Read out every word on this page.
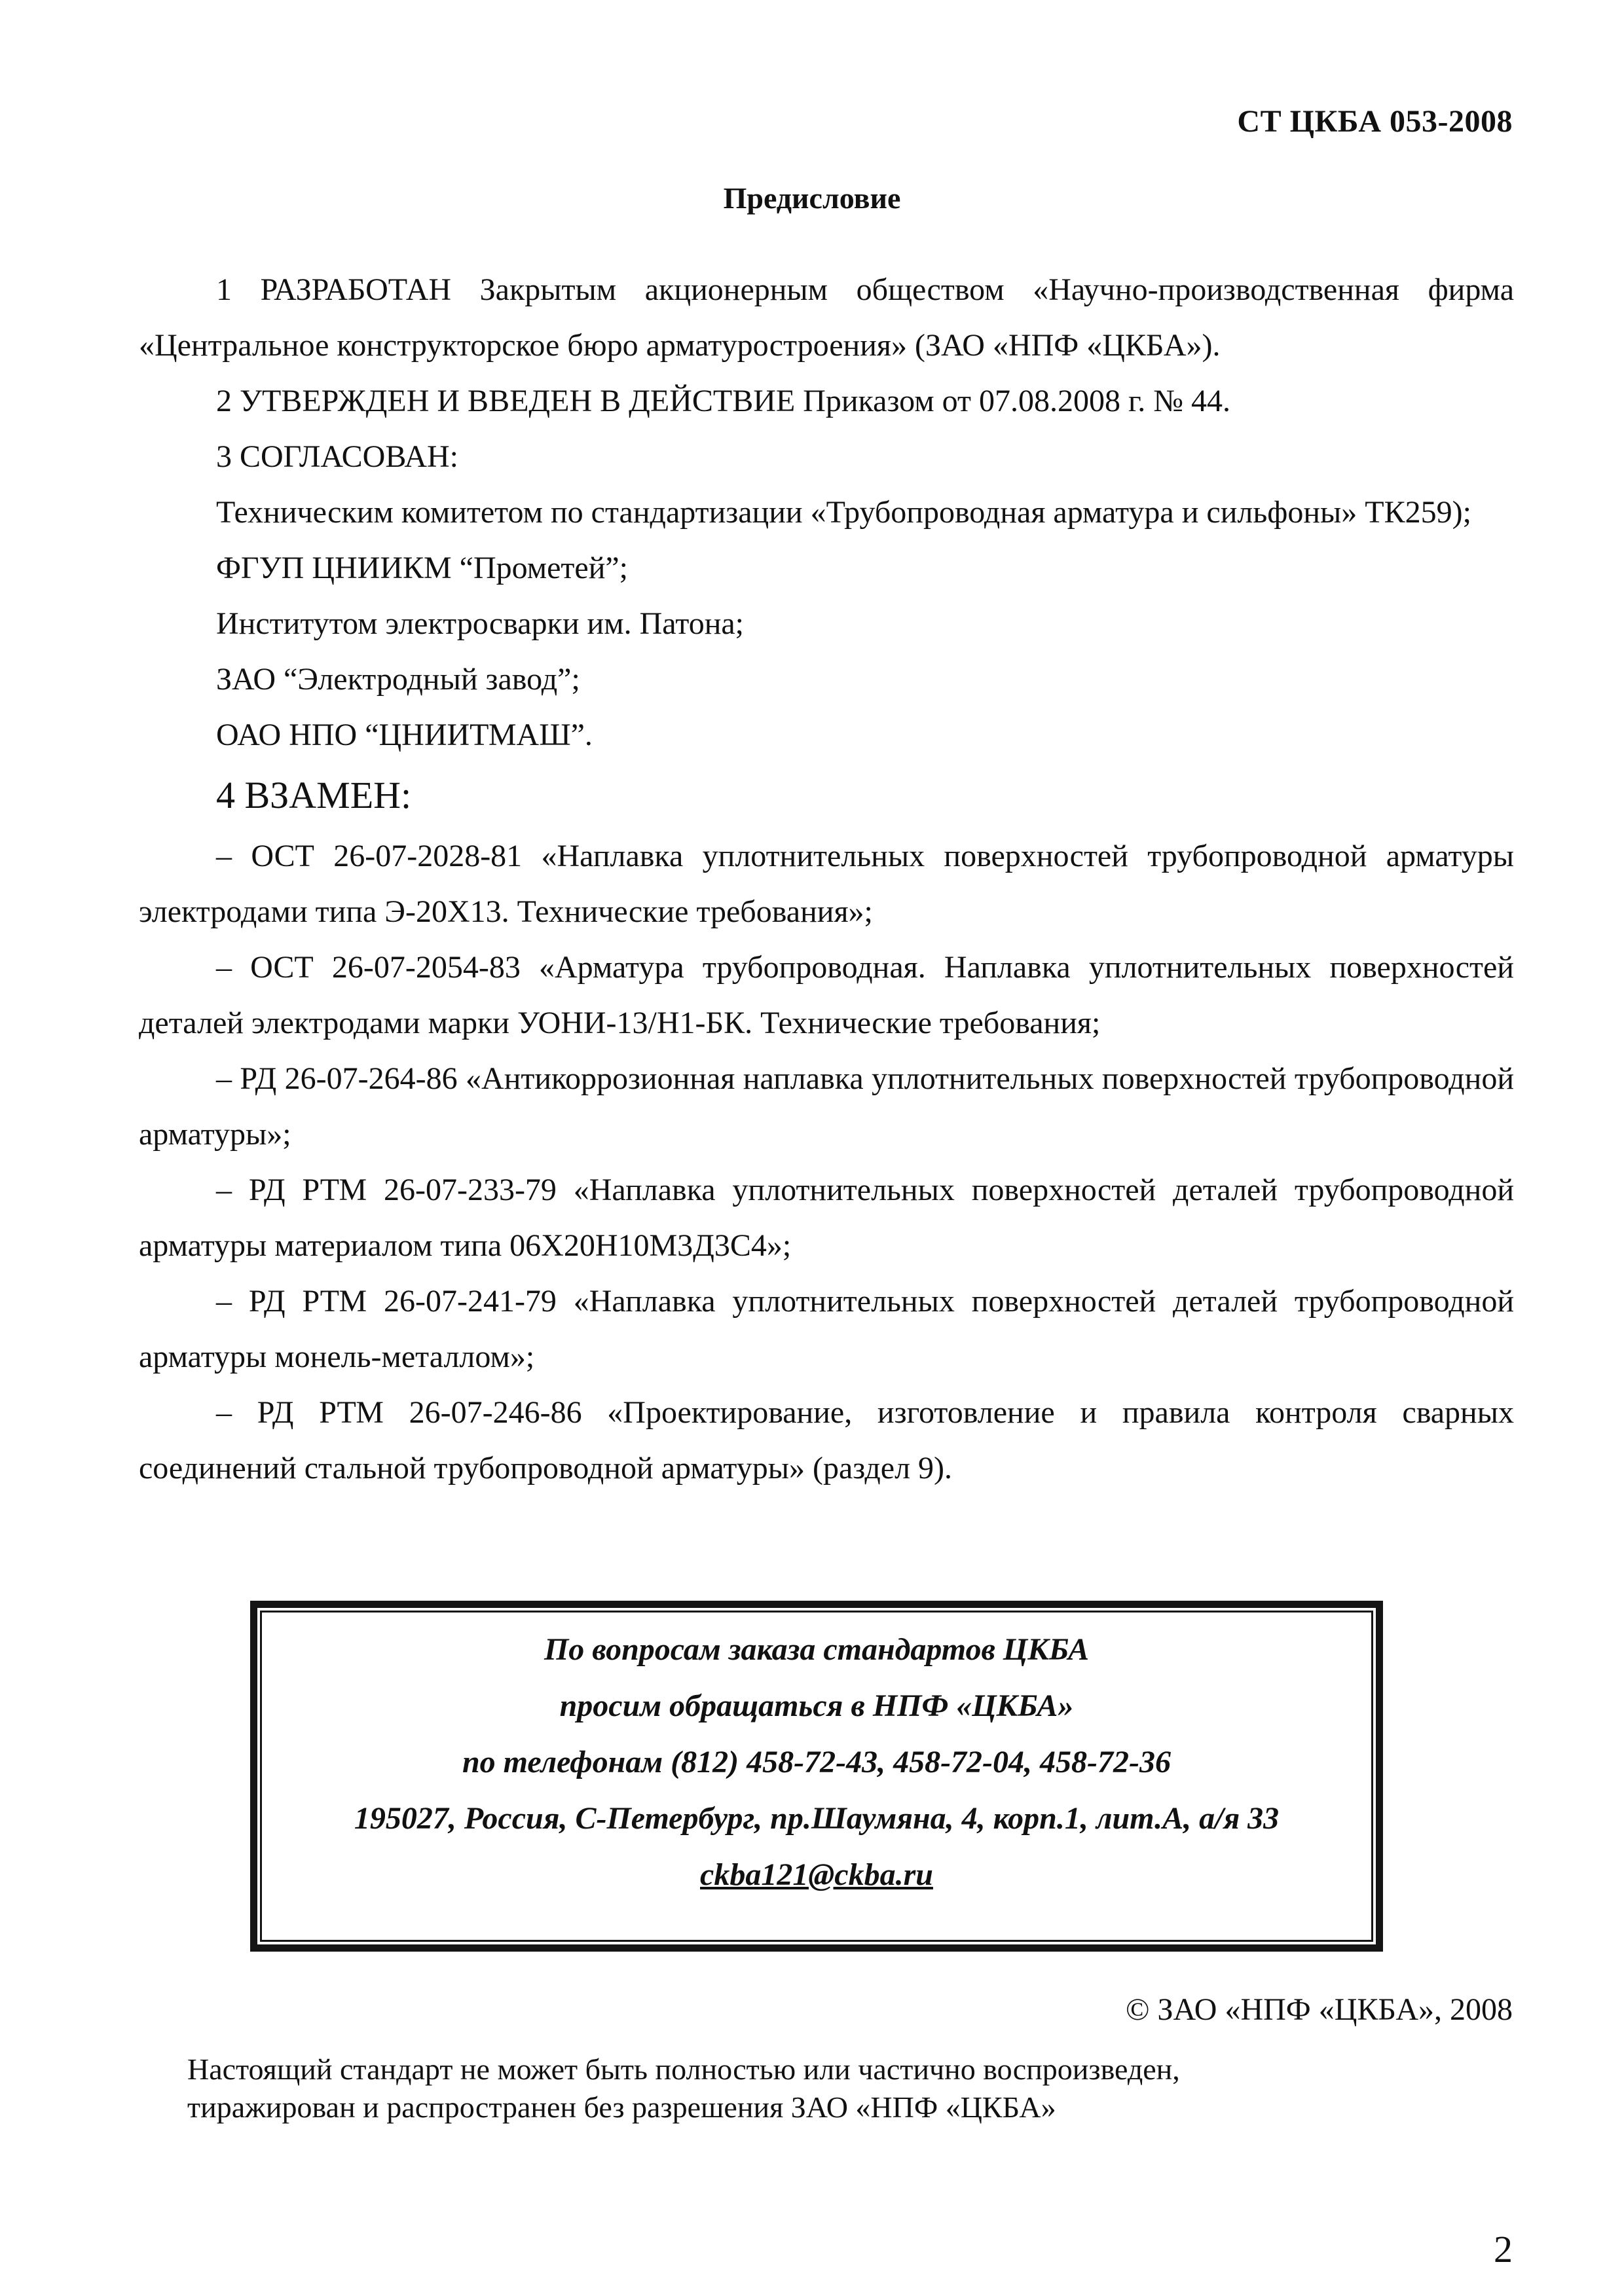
СТ ЦКБА 053-2008
Предисловие

1 РАЗРАБОТАН Закрытым акционерным обществом «Научно-производственная фирма «Центральное конструкторское бюро арматуростроения» (ЗАО «НПФ «ЦКБА»).

2 УТВЕРЖДЕН И ВВЕДЕН В ДЕЙСТВИЕ Приказом от 07.08.2008 г. № 44.

3 СОГЛАСОВАН:

Техническим комитетом по стандартизации «Трубопроводная арматура и сильфоны» ТК259);

ФГУП ЦНИИКМ “Прометей”;

Институтом электросварки им. Патона;

ЗАО “Электродный завод”;

ОАО НПО “ЦНИИТМАШ”.

4 ВЗАМЕН:

– ОСТ 26-07-2028-81 «Наплавка уплотнительных поверхностей трубопроводной арматуры электродами типа Э-20Х13. Технические требования»;

– ОСТ 26-07-2054-83 «Арматура трубопроводная. Наплавка уплотнительных поверхностей деталей электродами марки УОНИ-13/Н1-БК. Технические требования;

– РД 26-07-264-86 «Антикоррозионная наплавка уплотнительных поверхностей трубопроводной арматуры»;

– РД РТМ 26-07-233-79 «Наплавка уплотнительных поверхностей деталей трубопроводной арматуры материалом типа 06Х20Н10М3Д3С4»;

– РД РТМ 26-07-241-79 «Наплавка уплотнительных поверхностей деталей трубопроводной арматуры монель-металлом»;

– РД РТМ 26-07-246-86 «Проектирование, изготовление и правила контроля сварных соединений стальной трубопроводной арматуры» (раздел 9).

По вопросам заказа стандартов ЦКБА

просим обращаться в НПФ «ЦКБА»

по телефонам (812) 458-72-43, 458-72-04, 458-72-36

195027, Россия, С-Петербург, пр.Шаумяна, 4, корп.1, лит.А, а/я 33

ckba121@ckba.ru

© ЗАО «НПФ «ЦКБА», 2008

Настоящий стандарт не может быть полностью или частично воспроизведен,

тиражирован и распространен без разрешения ЗАО «НПФ «ЦКБА»

2
